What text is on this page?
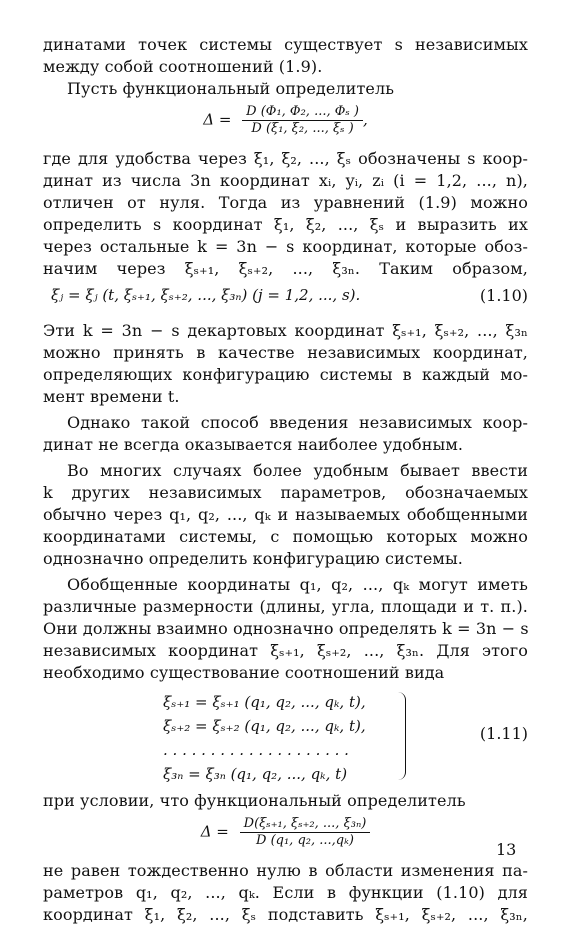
динатами точек системы существует s независимых
между собой соотношений (1.9).
Пусть функциональный определитель
$\Delta = \frac{\text{D (Φ₁, Φ₂, ..., Φₛ )}}{\text{D (ξ₁, ξ₂, ..., ξₛ )}}$ ,
где для удобства через ξ₁, ξ₂, ..., ξₛ обозначены s коор-
динат из числа 3n координат xᵢ, yᵢ, zᵢ (i = 1,2, ..., n),
отличен от нуля. Тогда из уравнений (1.9) можно
определить s координат ξ₁, ξ₂, ..., ξₛ и выразить их
через остальные k = 3n − s координат, которые обоз-
начим через ξₛ₊₁, ξₛ₊₂, ..., ξ₃ₙ. Таким образом,
ξⱼ = ξⱼ (t, ξₛ₊₁, ξₛ₊₂, ..., ξ₃ₙ) (j = 1,2, ..., s).	(1.10)
Эти k = 3n − s декартовых координат ξₛ₊₁, ξₛ₊₂, ..., ξ₃ₙ
можно принять в качестве независимых координат,
определяющих конфигурацию системы в каждый мо-
мент времени t.
Однако такой способ введения независимых коор-
динат не всегда оказывается наиболее удобным.
Во многих случаях более удобным бывает ввести
k других независимых параметров, обозначаемых
обычно через q₁, q₂, ..., qₖ и называемых обобщенными
координатами системы, с помощью которых можно
однозначно определить конфигурацию системы.
Обобщенные координаты q₁, q₂, ..., qₖ могут иметь
различные размерности (длины, угла, площади и т. п.).
Они должны взаимно однозначно определять k = 3n − s
независимых координат ξₛ₊₁, ξₛ₊₂, ..., ξ₃ₙ. Для этого
необходимо существование соотношений вида
ξₛ₊₁ = ξₛ₊₁ (q₁, q₂, ..., qₖ, t),
ξₛ₊₂ = ξₛ₊₂ (q₁, q₂, ..., qₖ, t),
. . . . . . . . . . . . . . . . . . . .
ξ₃ₙ = ξ₃ₙ (q₁, q₂, ..., qₖ, t)
(1.11)
при условии, что функциональный определитель
$\Delta = \frac{\text{D(ξₛ₊₁, ξₛ₊₂, ..., ξ₃ₙ)}}{\text{D (q₁, q₂, ...,qₖ)}}$
не равен тождественно нулю в области изменения па-
раметров q₁, q₂, ..., qₖ. Если в функции (1.10) для
координат ξ₁, ξ₂, ..., ξₛ подставить ξₛ₊₁, ξₛ₊₂, ..., ξ₃ₙ,
13
